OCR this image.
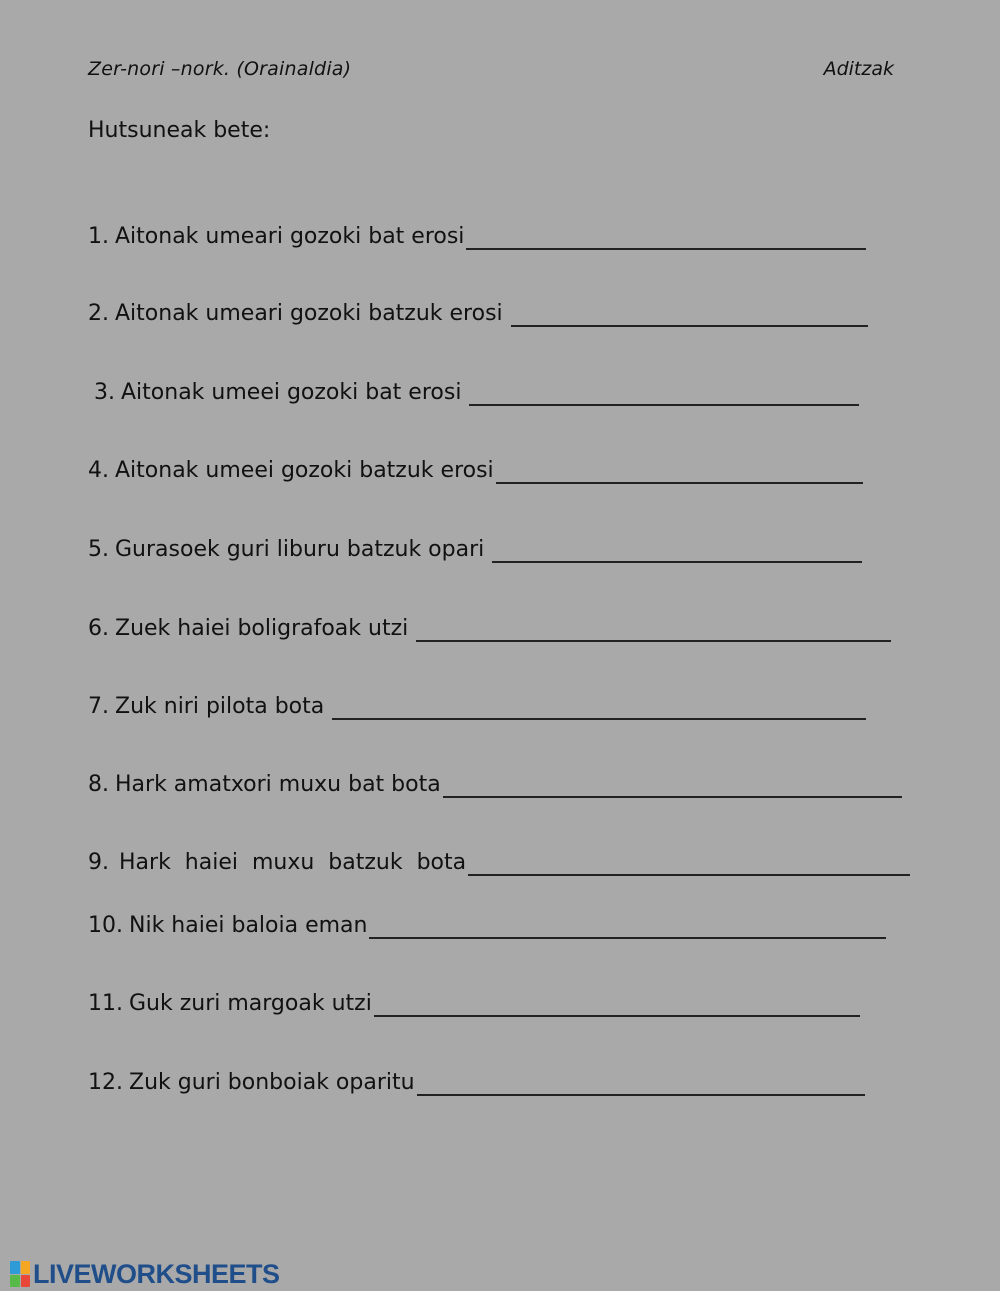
Zer-nori –nork. (Orainaldia)	Aditzak
Hutsuneak bete:
1. Aitonak umeari gozoki bat erosi
2. Aitonak umeari gozoki batzuk erosi
3. Aitonak umeei gozoki bat erosi
4. Aitonak umeei gozoki batzuk erosi
5. Gurasoek guri liburu batzuk opari
6. Zuek haiei boligrafoak utzi
7. Zuk niri pilota bota
8. Hark amatxori muxu bat bota
9. Hark  haiei  muxu  batzuk  bota
10. Nik haiei baloia eman
11. Guk zuri margoak utzi
12. Zuk guri bonboiak oparitu
LIVEWORKSHEETS
